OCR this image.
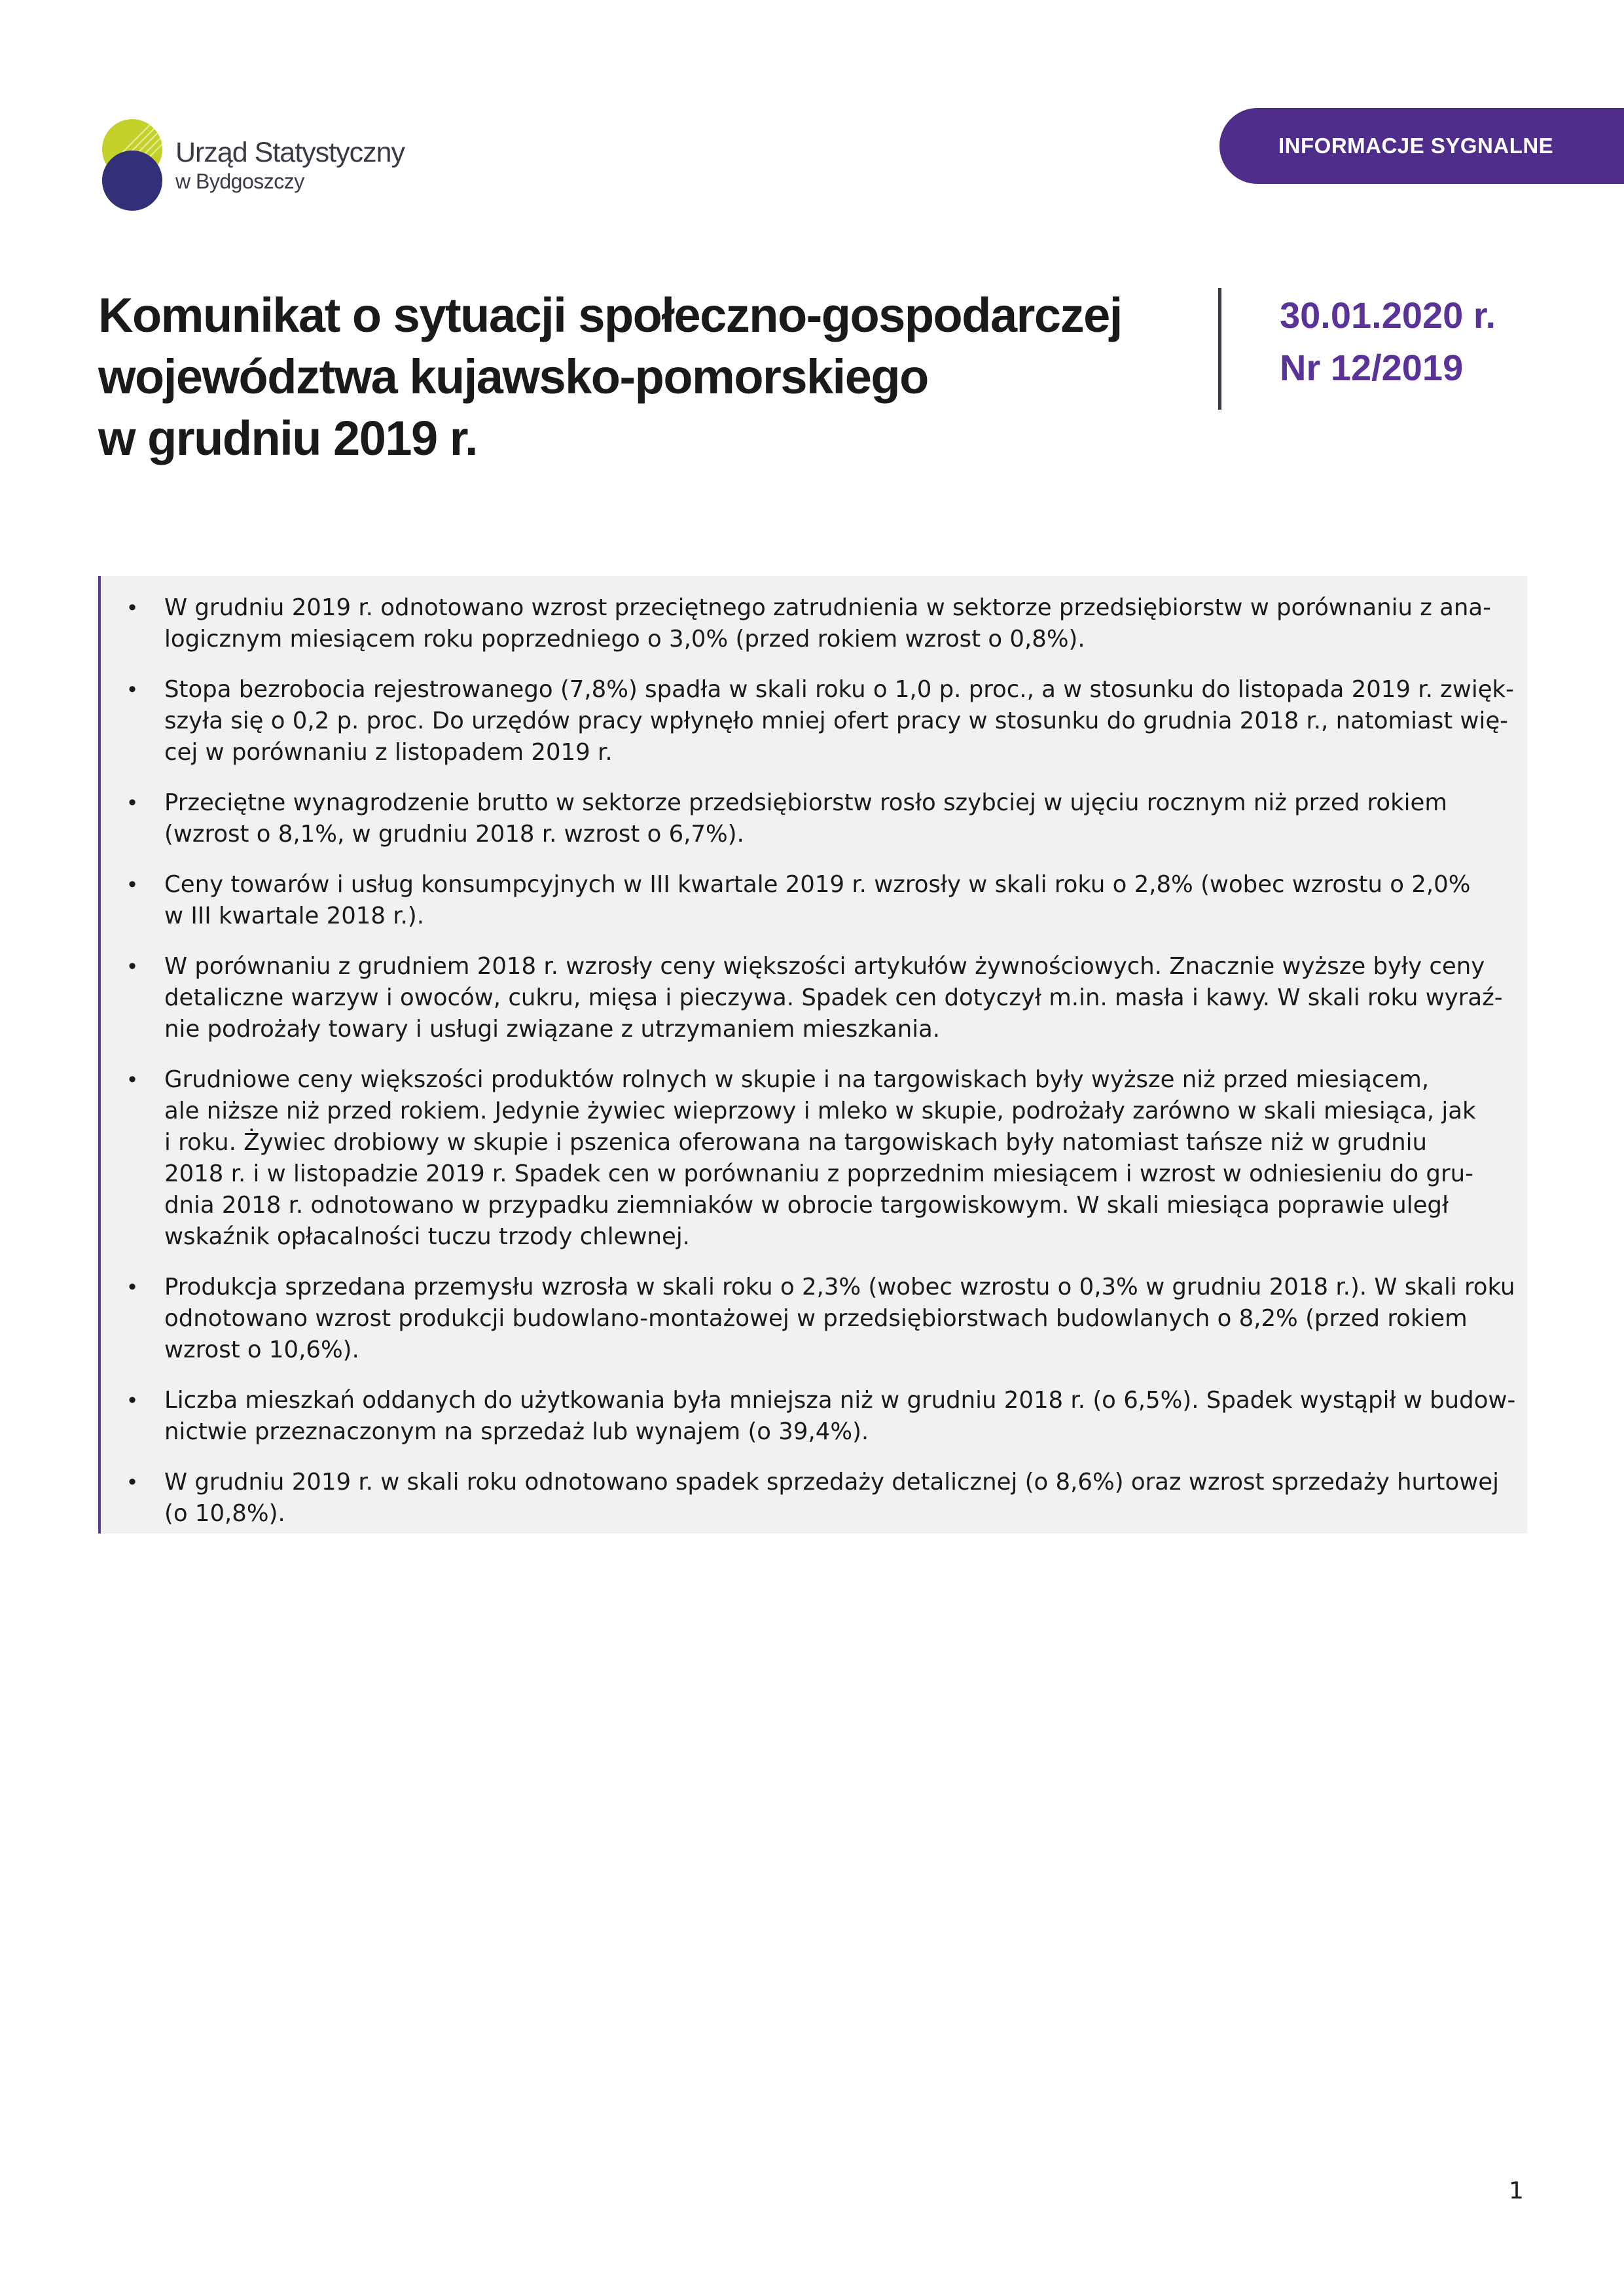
Urząd Statystyczny
w Bydgoszczy
INFORMACJE SYGNALNE
Komunikat o sytuacji społeczno-gospodarczej
województwa kujawsko-pomorskiego
w grudniu 2019 r.
30.01.2020 r.
Nr 12/2019
• W grudniu 2019 r. odnotowano wzrost przeciętnego zatrudnienia w sektorze przedsiębiorstw w porównaniu z ana-
logicznym miesiącem roku poprzedniego o 3,0% (przed rokiem wzrost o 0,8%).
• Stopa bezrobocia rejestrowanego (7,8%) spadła w skali roku o 1,0 p. proc., a w stosunku do listopada 2019 r. zwięk-
szyła się o 0,2 p. proc. Do urzędów pracy wpłynęło mniej ofert pracy w stosunku do grudnia 2018 r., natomiast wię-
cej w porównaniu z listopadem 2019 r.
• Przeciętne wynagrodzenie brutto w sektorze przedsiębiorstw rosło szybciej w ujęciu rocznym niż przed rokiem
(wzrost o 8,1%, w grudniu 2018 r. wzrost o 6,7%).
• Ceny towarów i usług konsumpcyjnych w III kwartale 2019 r. wzrosły w skali roku o 2,8% (wobec wzrostu o 2,0%
w III kwartale 2018 r.).
• W porównaniu z grudniem 2018 r. wzrosły ceny większości artykułów żywnościowych. Znacznie wyższe były ceny
detaliczne warzyw i owoców, cukru, mięsa i pieczywa. Spadek cen dotyczył m.in. masła i kawy. W skali roku wyraź-
nie podrożały towary i usługi związane z utrzymaniem mieszkania.
• Grudniowe ceny większości produktów rolnych w skupie i na targowiskach były wyższe niż przed miesiącem,
ale niższe niż przed rokiem. Jedynie żywiec wieprzowy i mleko w skupie, podrożały zarówno w skali miesiąca, jak
i roku. Żywiec drobiowy w skupie i pszenica oferowana na targowiskach były natomiast tańsze niż w grudniu
2018 r. i w listopadzie 2019 r. Spadek cen w porównaniu z poprzednim miesiącem i wzrost w odniesieniu do gru-
dnia 2018 r. odnotowano w przypadku ziemniaków w obrocie targowiskowym. W skali miesiąca poprawie uległ
wskaźnik opłacalności tuczu trzody chlewnej.
• Produkcja sprzedana przemysłu wzrosła w skali roku o 2,3% (wobec wzrostu o 0,3% w grudniu 2018 r.). W skali roku
odnotowano wzrost produkcji budowlano-montażowej w przedsiębiorstwach budowlanych o 8,2% (przed rokiem
wzrost o 10,6%).
• Liczba mieszkań oddanych do użytkowania była mniejsza niż w grudniu 2018 r. (o 6,5%). Spadek wystąpił w budow-
nictwie przeznaczonym na sprzedaż lub wynajem (o 39,4%).
• W grudniu 2019 r. w skali roku odnotowano spadek sprzedaży detalicznej (o 8,6%) oraz wzrost sprzedaży hurtowej
(o 10,8%).
1
